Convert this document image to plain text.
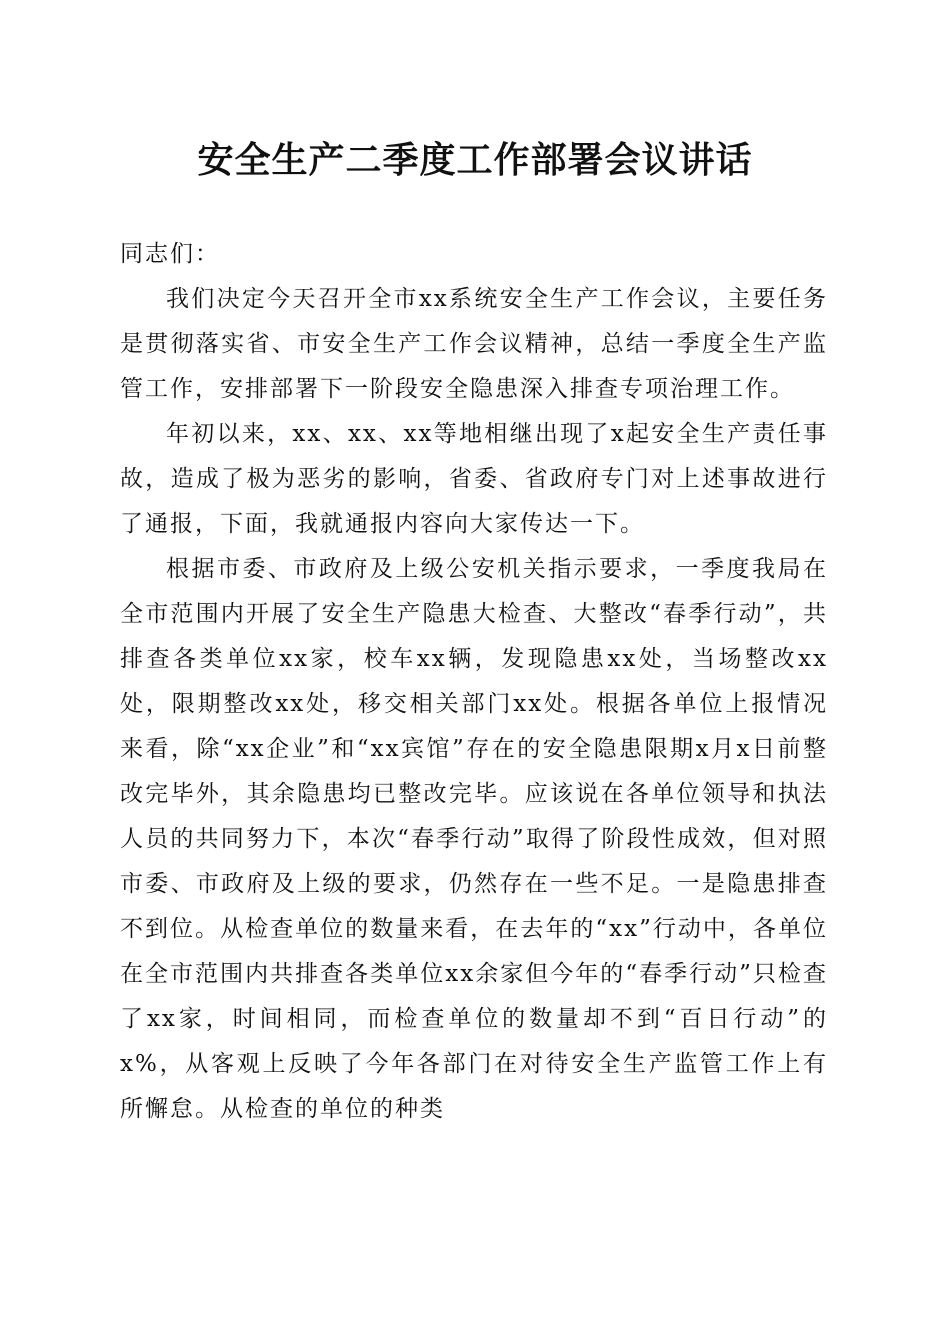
安全生产二季度工作部署会议讲话

同志们：

我们决定今天召开全市xx系统安全生产工作会议，主要任务是贯彻落实省、市安全生产工作会议精神，总结一季度全生产监管工作，安排部署下一阶段安全隐患深入排查专项治理工作。

年初以来，xx、xx、xx等地相继出现了x起安全生产责任事故，造成了极为恶劣的影响，省委、省政府专门对上述事故进行了通报，下面，我就通报内容向大家传达一下。

根据市委、市政府及上级公安机关指示要求，一季度我局在全市范围内开展了安全生产隐患大检查、大整改“春季行动”，共排查各类单位xx家，校车xx辆，发现隐患xx处，当场整改xx处，限期整改xx处，移交相关部门xx处。根据各单位上报情况来看，除“xx企业”和“xx宾馆”存在的安全隐患限期x月x日前整改完毕外，其余隐患均已整改完毕。应该说在各单位领导和执法人员的共同努力下，本次“春季行动”取得了阶段性成效，但对照市委、市政府及上级的要求，仍然存在一些不足。一是隐患排查不到位。从检查单位的数量来看，在去年的“xx”行动中，各单位在全市范围内共排查各类单位xx余家但今年的“春季行动”只检查了xx家，时间相同，而检查单位的数量却不到“百日行动”的x%，从客观上反映了今年各部门在对待安全生产监管工作上有所懈怠。从检查的单位的种类
